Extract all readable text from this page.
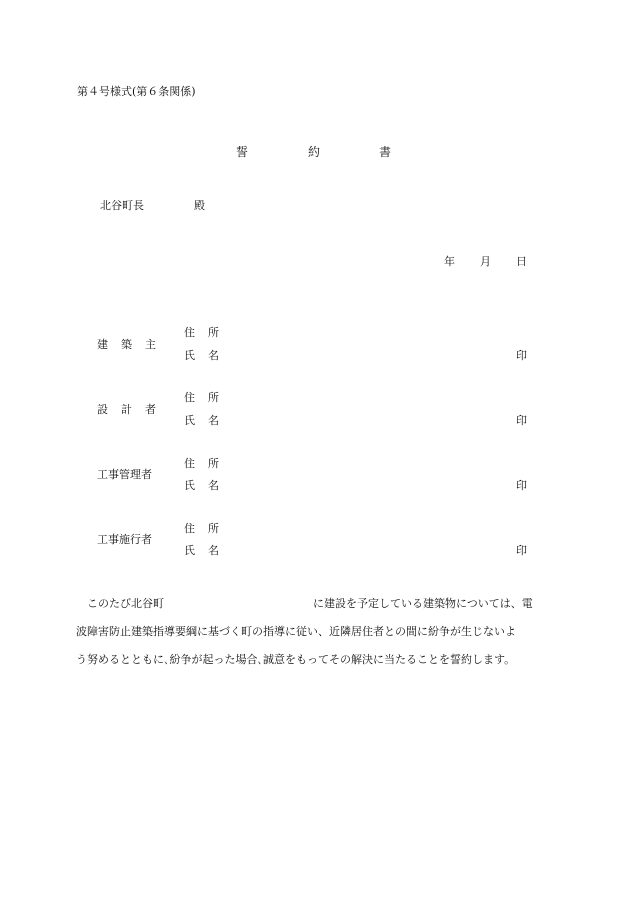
第４号様式(第６条関係)
誓	約	書
北谷町長	殿
年 月 日
建築主
住所
氏名	印
設計者
住所
氏名	印
工事管理者
住所
氏名	印
工事施行者
住所
氏名	印
このたび北谷町	に建設を予定している建築物については、電
波障害防止建築指導要綱に基づく町の指導に従い、近隣居住者との間に紛争が生じないよ
う努めるとともに､紛争が起った場合､誠意をもってその解決に当たることを誓約します。
